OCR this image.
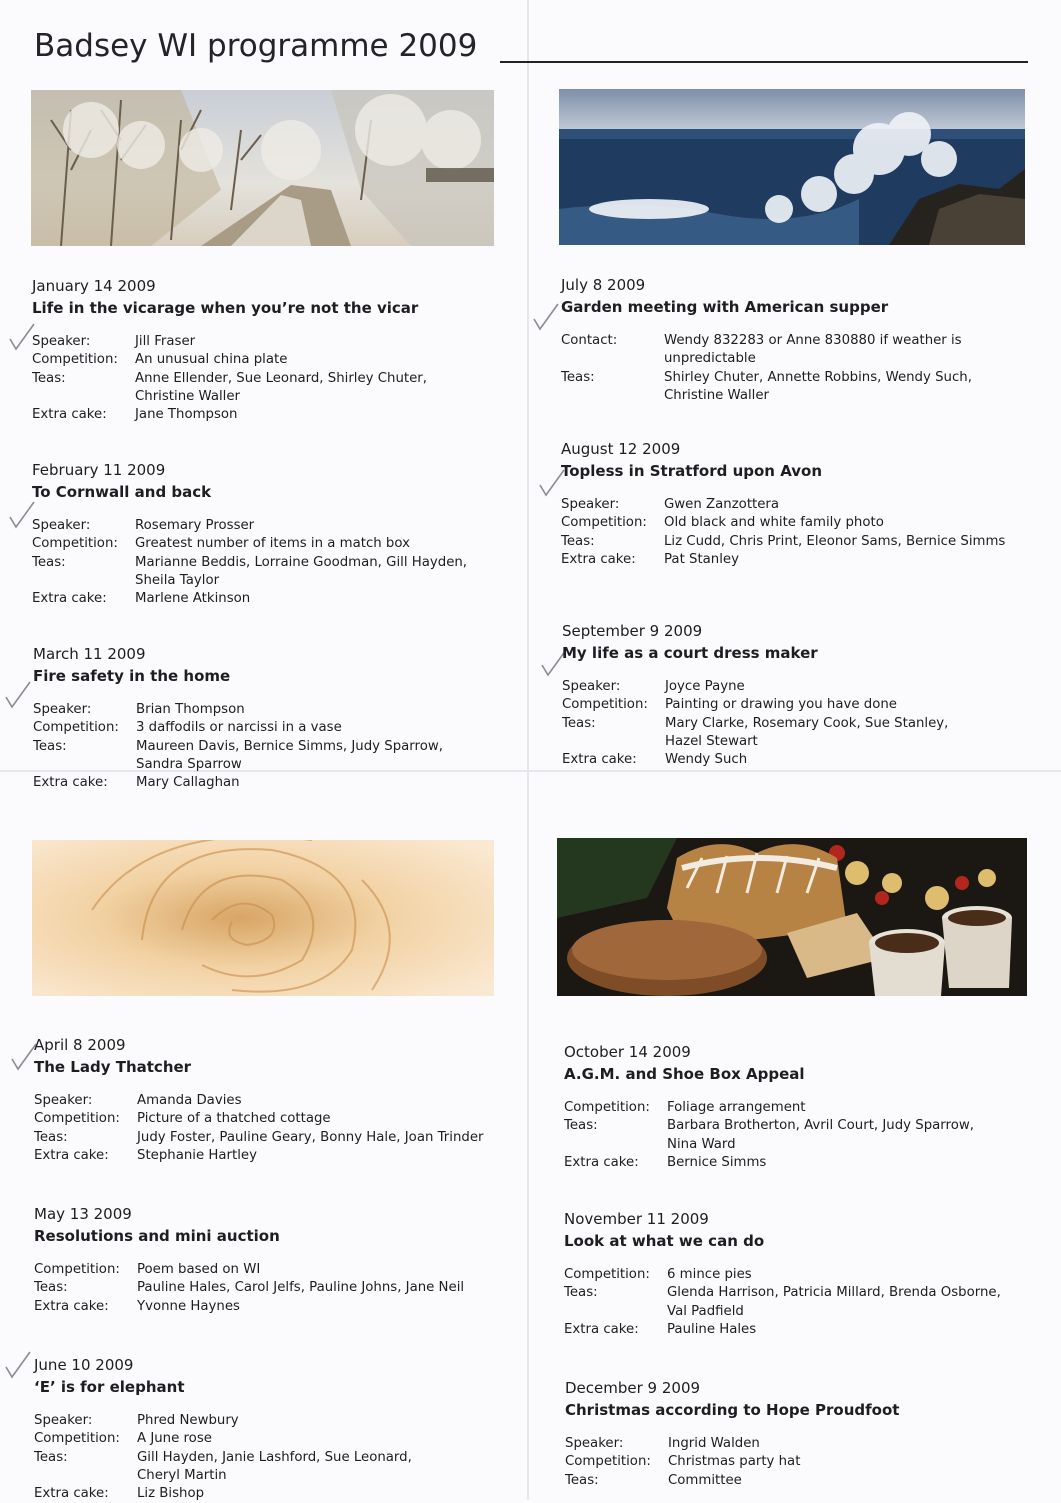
Badsey WI programme 2009
January 14 2009
Life in the vicarage when you’re not the vicar
Speaker:	Jill Fraser

Competition:	An unusual china plate

Teas:	Anne Ellender, Sue Leonard, Shirley Chuter,
Christine Waller

Extra cake:	Jane Thompson
February 11 2009
To Cornwall and back
Speaker:	Rosemary Prosser

Competition:	Greatest number of items in a match box

Teas:	Marianne Beddis, Lorraine Goodman, Gill Hayden,
Sheila Taylor

Extra cake:	Marlene Atkinson
March 11 2009
Fire safety in the home
Speaker:	Brian Thompson

Competition:	3 daffodils or narcissi in a vase

Teas:	Maureen Davis, Bernice Simms, Judy Sparrow,
Sandra Sparrow

Extra cake:	Mary Callaghan
April 8 2009
The Lady Thatcher
Speaker:	Amanda Davies

Competition:	Picture of a thatched cottage

Teas:	Judy Foster, Pauline Geary, Bonny Hale, Joan Trinder

Extra cake:	Stephanie Hartley
May 13 2009
Resolutions and mini auction
Competition:	Poem based on WI

Teas:	Pauline Hales, Carol Jelfs, Pauline Johns, Jane Neil

Extra cake:	Yvonne Haynes
June 10 2009
‘E’ is for elephant
Speaker:	Phred Newbury

Competition:	A June rose

Teas:	Gill Hayden, Janie Lashford, Sue Leonard,
Cheryl Martin

Extra cake:	Liz Bishop
July 8 2009
Garden meeting with American supper
Contact:	Wendy 832283 or Anne 830880 if weather is
unpredictable

Teas:	Shirley Chuter, Annette Robbins, Wendy Such,
Christine Waller
August 12 2009
Topless in Stratford upon Avon
Speaker:	Gwen Zanzottera

Competition:	Old black and white family photo

Teas:	Liz Cudd, Chris Print, Eleonor Sams, Bernice Simms

Extra cake:	Pat Stanley
September 9 2009
My life as a court dress maker
Speaker:	Joyce Payne

Competition:	Painting or drawing you have done

Teas:	Mary Clarke, Rosemary Cook, Sue Stanley,
Hazel Stewart

Extra cake:	Wendy Such
October 14 2009
A.G.M. and Shoe Box Appeal
Competition:	Foliage arrangement

Teas:	Barbara Brotherton, Avril Court, Judy Sparrow,
Nina Ward

Extra cake:	Bernice Simms
November 11 2009
Look at what we can do
Competition:	6 mince pies

Teas:	Glenda Harrison, Patricia Millard, Brenda Osborne,
Val Padfield

Extra cake:	Pauline Hales
December 9 2009
Christmas according to Hope Proudfoot
Speaker:	Ingrid Walden

Competition:	Christmas party hat

Teas:	Committee
